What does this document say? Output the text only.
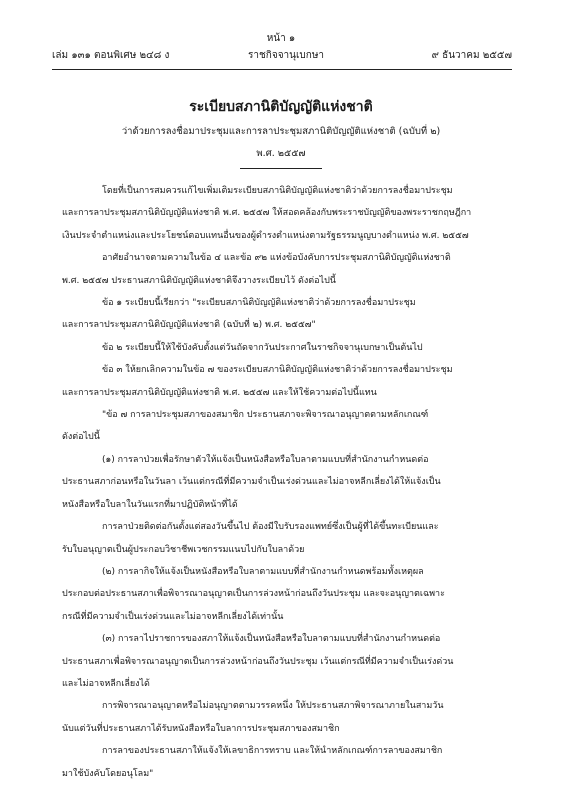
หน้า ๑
เล่ม ๑๓๑ ตอนพิเศษ ๒๔๘ ง	ราชกิจจานุเบกษา	๙ ธันวาคม ๒๕๕๗
ระเบียบสภานิติบัญญัติแห่งชาติ
ว่าด้วยการลงชื่อมาประชุมและการลาประชุมสภานิติบัญญัติแห่งชาติ (ฉบับที่ ๒)
พ.ศ. ๒๕๕๗

โดยที่เป็นการสมควรแก้ไขเพิ่มเติมระเบียบสภานิติบัญญัติแห่งชาติว่าด้วยการลงชื่อมาประชุม

และการลาประชุมสภานิติบัญญัติแห่งชาติ พ.ศ. ๒๕๕๗ ให้สอดคล้องกับพระราชบัญญัติของพระราชกฤษฎีกา

เงินประจำตำแหน่งและประโยชน์ตอบแทนอื่นของผู้ดำรงตำแหน่งตามรัฐธรรมนูญบางตำแหน่ง พ.ศ. ๒๕๕๗

อาศัยอำนาจตามความในข้อ ๔ และข้อ ๙๒ แห่งข้อบังคับการประชุมสภานิติบัญญัติแห่งชาติ

พ.ศ. ๒๕๕๗ ประธานสภานิติบัญญัติแห่งชาติจึงวางระเบียบไว้ ดังต่อไปนี้

ข้อ ๑ ระเบียบนี้เรียกว่า "ระเบียบสภานิติบัญญัติแห่งชาติว่าด้วยการลงชื่อมาประชุม

และการลาประชุมสภานิติบัญญัติแห่งชาติ (ฉบับที่ ๒) พ.ศ. ๒๕๕๗"

ข้อ ๒ ระเบียบนี้ให้ใช้บังคับตั้งแต่วันถัดจากวันประกาศในราชกิจจานุเบกษาเป็นต้นไป

ข้อ ๓ ให้ยกเลิกความในข้อ ๗ ของระเบียบสภานิติบัญญัติแห่งชาติว่าด้วยการลงชื่อมาประชุม

และการลาประชุมสภานิติบัญญัติแห่งชาติ พ.ศ. ๒๕๕๗ และให้ใช้ความต่อไปนี้แทน

"ข้อ ๗ การลาประชุมสภาของสมาชิก ประธานสภาจะพิจารณาอนุญาตตามหลักเกณฑ์

ดังต่อไปนี้

(๑) การลาป่วยเพื่อรักษาตัวให้แจ้งเป็นหนังสือหรือใบลาตามแบบที่สำนักงานกำหนดต่อ

ประธานสภาก่อนหรือในวันลา เว้นแต่กรณีที่มีความจำเป็นเร่งด่วนและไม่อาจหลีกเลี่ยงได้ให้แจ้งเป็น

หนังสือหรือใบลาในวันแรกที่มาปฏิบัติหน้าที่ได้

การลาป่วยติดต่อกันตั้งแต่สองวันขึ้นไป ต้องมีใบรับรองแพทย์ซึ่งเป็นผู้ที่ได้ขึ้นทะเบียนและ

รับใบอนุญาตเป็นผู้ประกอบวิชาชีพเวชกรรมแนบไปกับใบลาด้วย

(๒) การลากิจให้แจ้งเป็นหนังสือหรือใบลาตามแบบที่สำนักงานกำหนดพร้อมทั้งเหตุผล

ประกอบต่อประธานสภาเพื่อพิจารณาอนุญาตเป็นการล่วงหน้าก่อนถึงวันประชุม และจะอนุญาตเฉพาะ

กรณีที่มีความจำเป็นเร่งด่วนและไม่อาจหลีกเลี่ยงได้เท่านั้น

(๓) การลาไปราชการของสภาให้แจ้งเป็นหนังสือหรือใบลาตามแบบที่สำนักงานกำหนดต่อ

ประธานสภาเพื่อพิจารณาอนุญาตเป็นการล่วงหน้าก่อนถึงวันประชุม เว้นแต่กรณีที่มีความจำเป็นเร่งด่วน

และไม่อาจหลีกเลี่ยงได้

การพิจารณาอนุญาตหรือไม่อนุญาตตามวรรคหนึ่ง ให้ประธานสภาพิจารณาภายในสามวัน

นับแต่วันที่ประธานสภาได้รับหนังสือหรือใบลาการประชุมสภาของสมาชิก

การลาของประธานสภาให้แจ้งให้เลขาธิการทราบ และให้นำหลักเกณฑ์การลาของสมาชิก

มาใช้บังคับโดยอนุโลม"
